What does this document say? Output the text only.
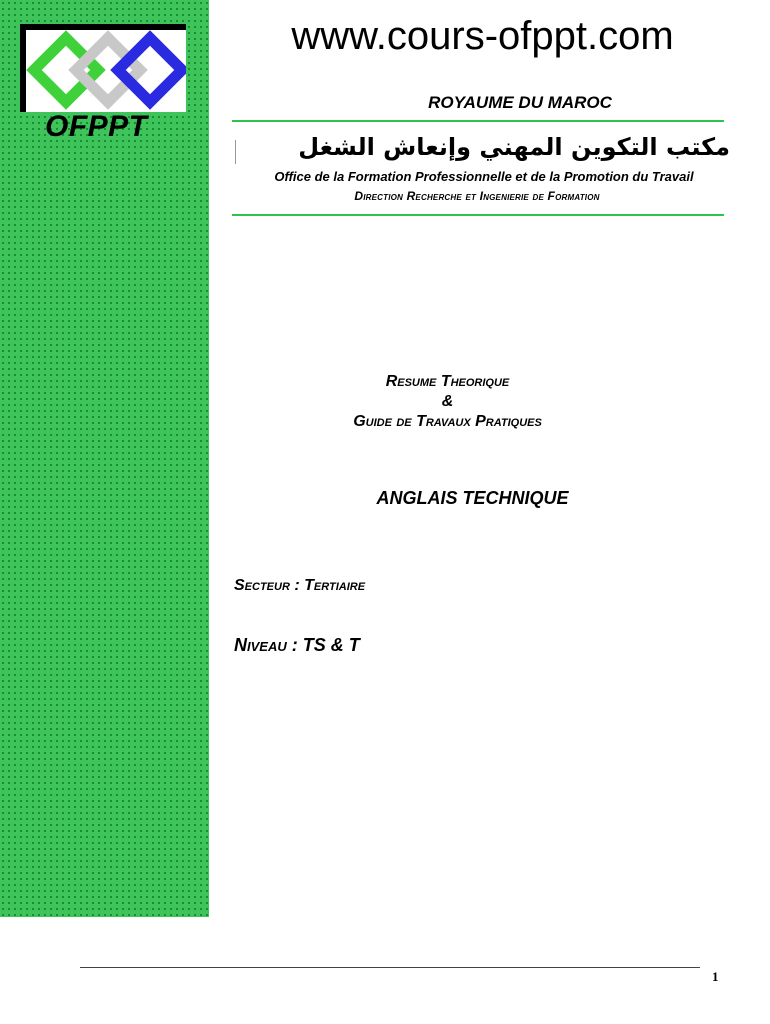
OFPPT
www.cours-ofppt.com
ROYAUME DU MAROC
مكتب التكوين المهني وإنعاش الشغل
Office de la Formation Professionnelle et de la Promotion du Travail
Direction Recherche et Ingenierie de Formation
Resume Theorique
&
Guide de Travaux Pratiques
ANGLAIS TECHNIQUE
Secteur : Tertiaire
Niveau : TS & T
1
